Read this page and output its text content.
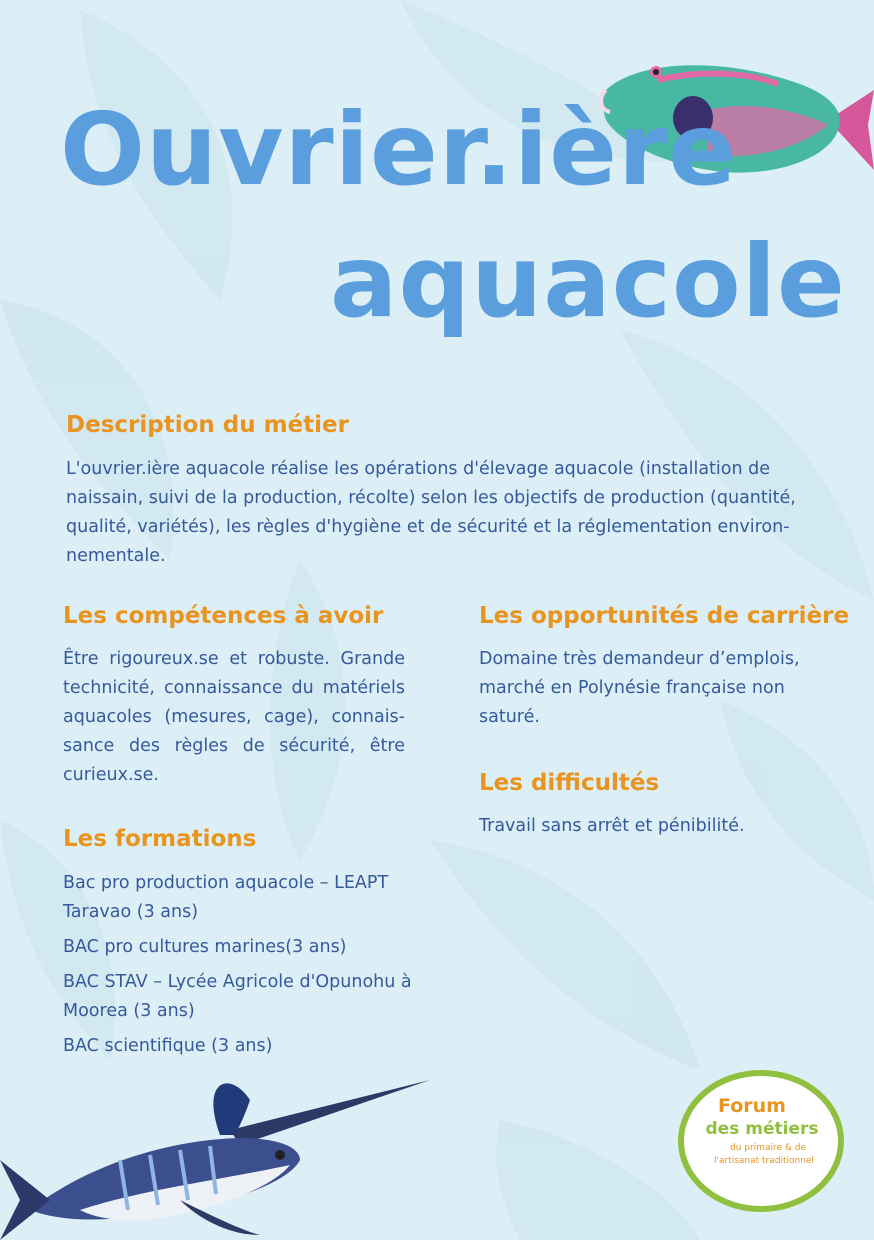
Ouvrier.ière
aquacole
Description du métier

L'ouvrier.ière aquacole réalise les opérations d'élevage aquacole (installation de naissain, suivi de la production, récolte) selon les objectifs de production (quantité, qualité, variétés), les règles d'hygiène et de sécurité et la réglementation environnementale.

Les compétences à avoir

Être rigoureux.se et robuste. Grande technicité, connaissance du matériels aquacoles (mesures, cage), connaissance des règles de sécurité, être curieux.se.

Les formations

Bac pro production aquacole – LEAPT Taravao (3 ans)

BAC pro cultures marines(3 ans)

BAC STAV – Lycée Agricole d'Opunohu à Moorea (3 ans)

BAC scientifique (3 ans)

Les opportunités de carrière

Domaine très demandeur d’emplois, marché en Polynésie française non saturé.

Les difficultés

Travail sans arrêt et pénibilité.

Forum
des métiers
du primaire & de
l'artisanat traditionnel
